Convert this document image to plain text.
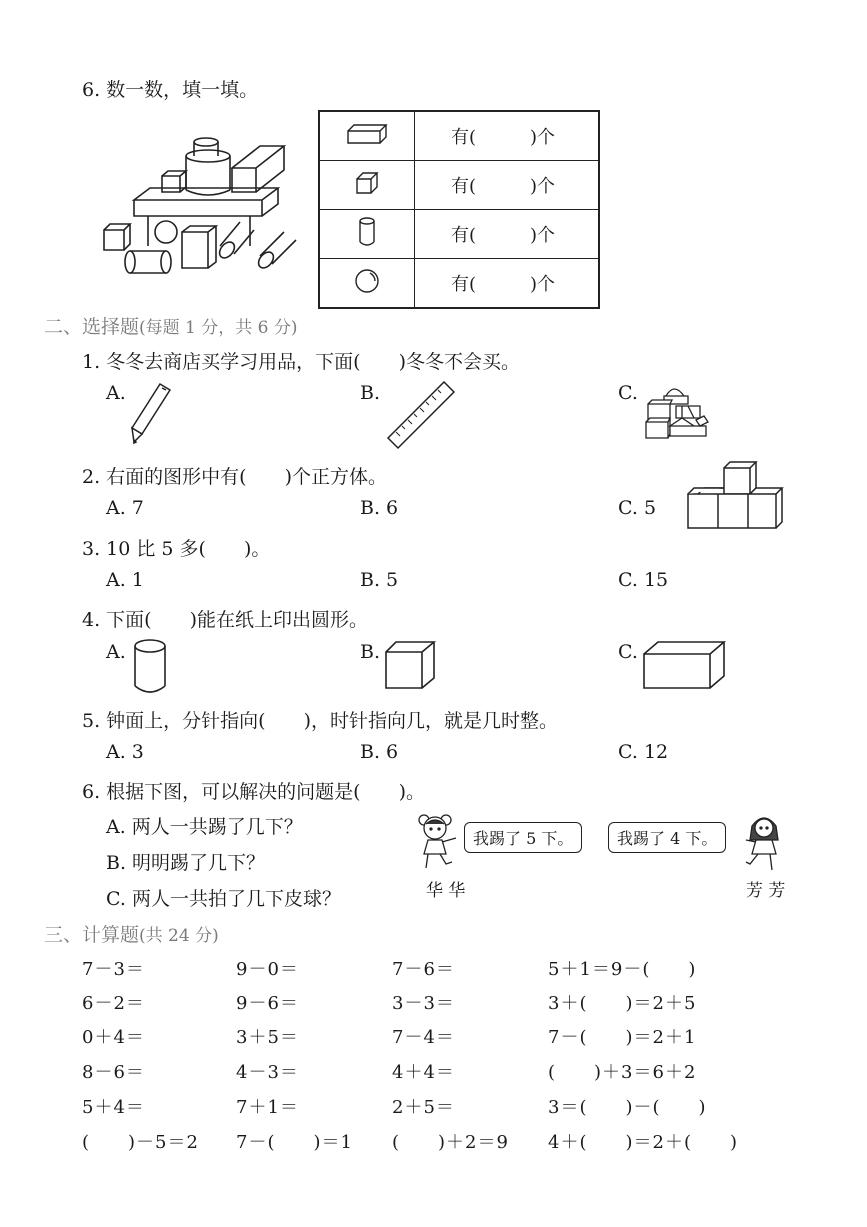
6. 数一数，填一填。
	有(　　　)个
	有(　　　)个
	有(　　　)个
	有(　　　)个
二、选择题(每题 1 分，共 6 分)
1. 冬冬去商店买学习用品，下面(　　)冬冬不会买。
A.	B.	C.
2. 右面的图形中有(　　)个正方体。
A. 7	B. 6	C. 5
3. 10 比 5 多(　　)。
A. 1	B. 5	C. 15
4. 下面(　　)能在纸上印出圆形。
A.	B.	C.
5. 钟面上，分针指向(　　)，时针指向几，就是几时整。
A. 3	B. 6	C. 12
6. 根据下图，可以解决的问题是(　　)。
A. 两人一共踢了几下？
B. 明明踢了几下？
C. 两人一共拍了几下皮球？
我踢了 5 下。	我踢了 4 下。
华 华	芳 芳
三、计算题(共 24 分)
7－3＝	9－0＝	7－6＝	5＋1＝9－(　　)
6－2＝	9－6＝	3－3＝	3＋(　　)＝2＋5
0＋4＝	3＋5＝	7－4＝	7－(　　)＝2＋1
8－6＝	4－3＝	4＋4＝	(　　)＋3＝6＋2
5＋4＝	7＋1＝	2＋5＝	3＝(　　)－(　　)
(　　)－5＝2 7－(　　)＝1 (　　)＋2＝9 4＋(　　)＝2＋(　　)
